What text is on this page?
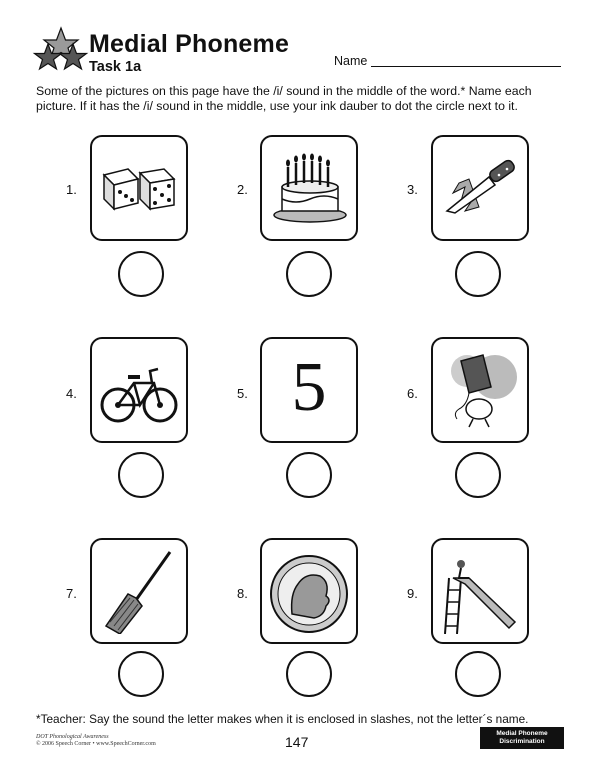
Medial Phoneme
Task 1a	Name
Some of the pictures on this page have the /i/ sound in the middle of the word.* Name each picture. If it has the /i/ sound in the middle, use your ink dauber to dot the circle next to it.
1.	2.	3.
4.	5. 5	6.
7.	8.	9.
*Teacher: Say the sound the letter makes when it is enclosed in slashes, not the letter´s name.
DOT Phonological Awareness
© 2006 Speech Corner • www.SpeechCorner.com	147
Medial Phoneme
Discrimination
